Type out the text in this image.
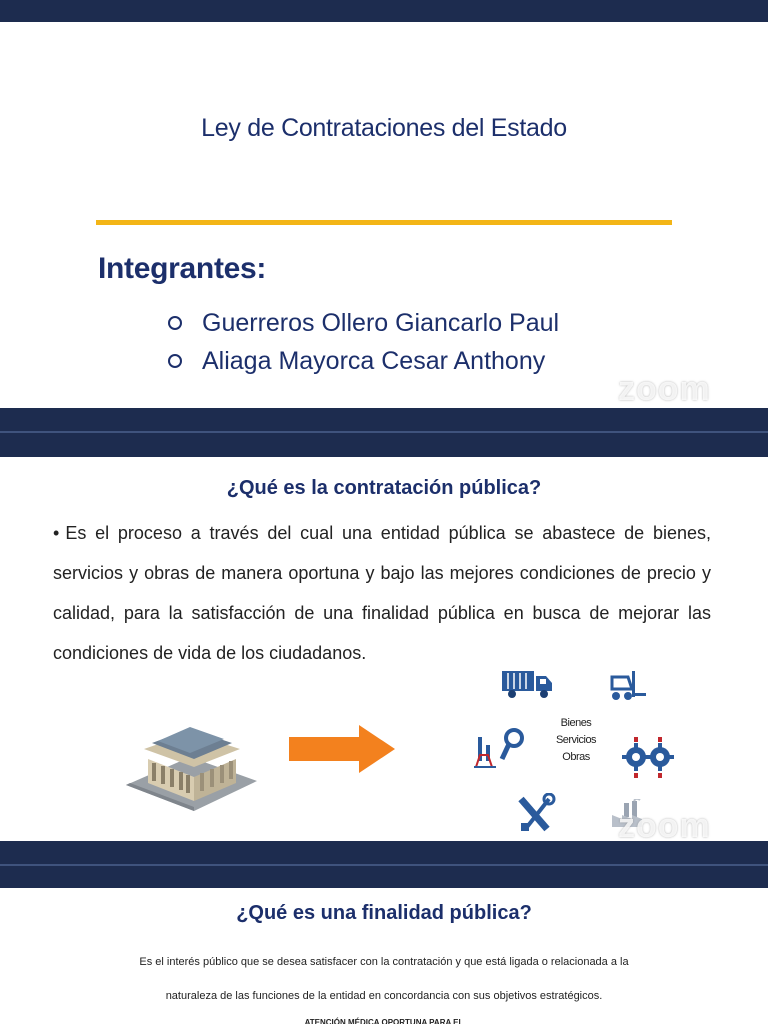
Ley de Contrataciones del Estado
Integrantes:
Guerreros Ollero Giancarlo Paul
Aliaga Mayorca Cesar Anthony
zoom
¿Qué es la contratación pública?
• Es el proceso a través del cual una entidad pública se abastece de bienes, servicios y obras de manera oportuna y bajo las mejores condiciones de precio y calidad, para la satisfacción de una finalidad pública en busca de mejorar las condiciones de vida de los ciudadanos.
Bienes
Servicios
Obras
zoom
¿Qué es una finalidad pública?
Es el interés público que se desea satisfacer con la contratación y que está ligada o relacionada a la
naturaleza de las funciones de la entidad en concordancia con sus objetivos estratégicos.
ATENCIÓN MÉDICA OPORTUNA PARA EL
